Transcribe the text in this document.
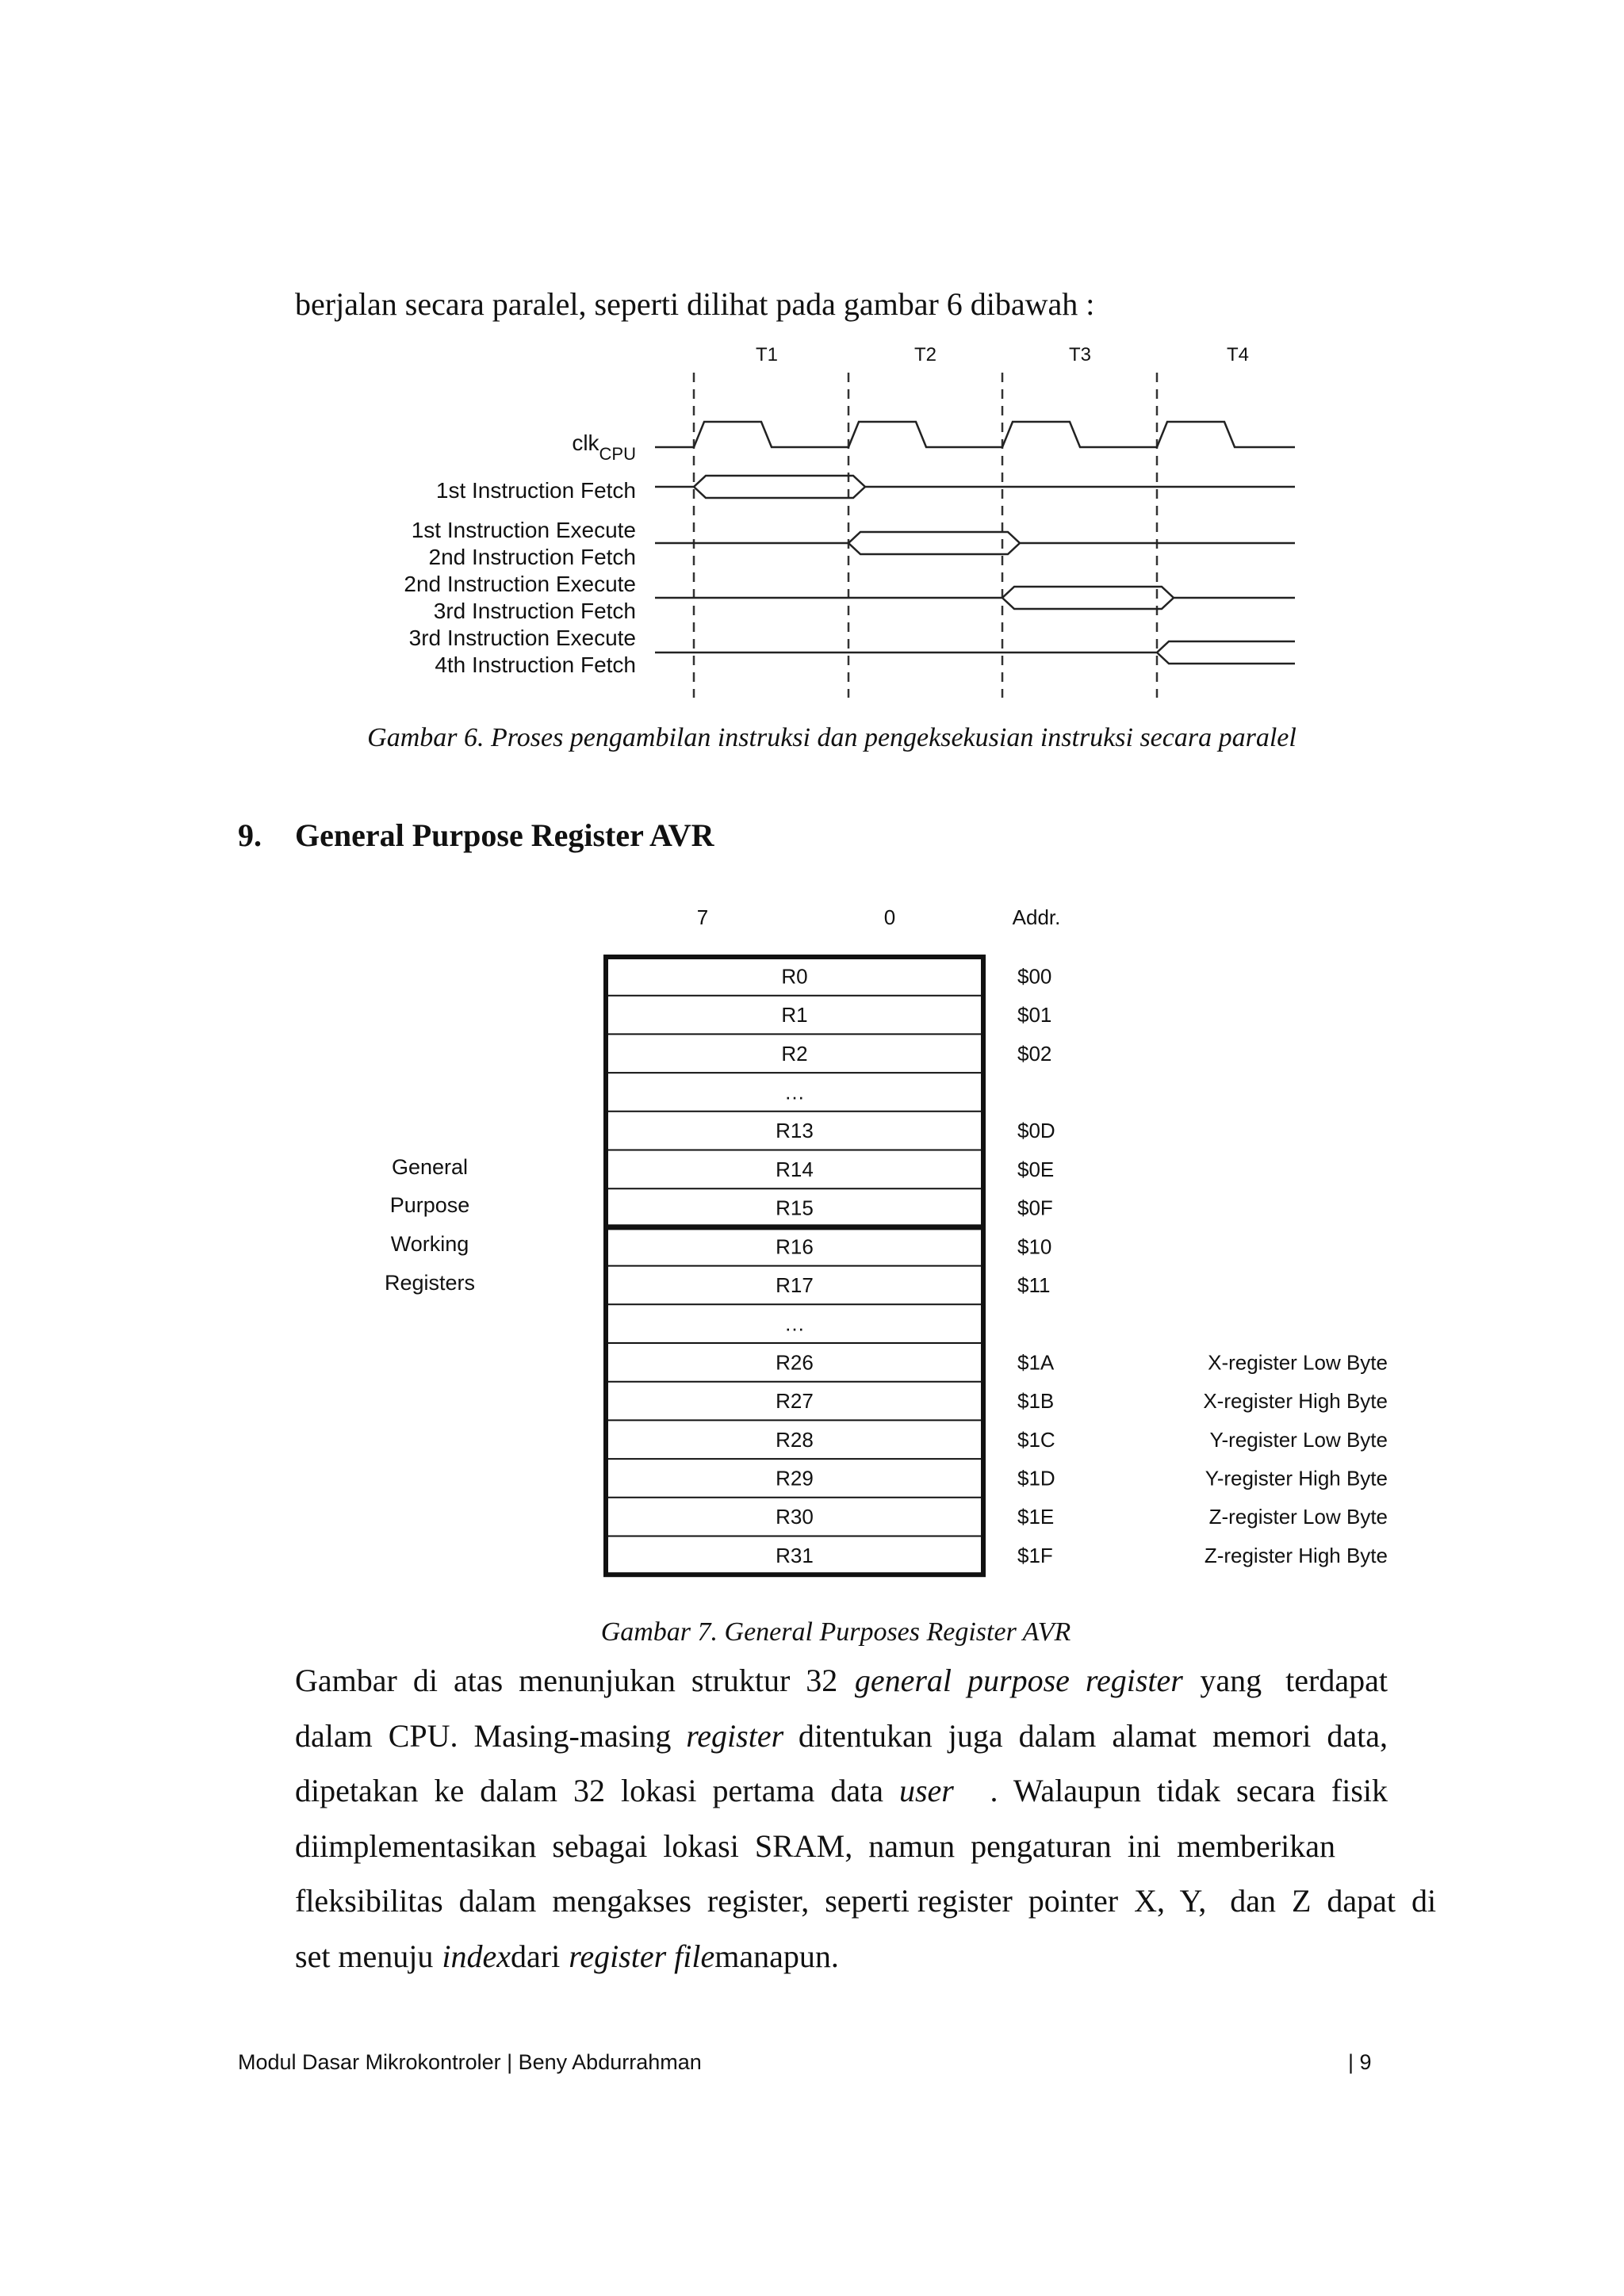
berjalan secara paralel, seperti dilihat pada gambar 6 dibawah :
T1	T2	T3	T4
clk$_{CPU}$
1st Instruction Fetch
1st Instruction Execute
2nd Instruction Fetch
2nd Instruction Execute
3rd Instruction Fetch
3rd Instruction Execute
4th Instruction Fetch
Gambar 6. Proses pengambilan instruksi dan pengeksekusian instruksi secara paralel
9. General Purpose Register AVR
7	0	Addr.
General
Purpose
Working
Registers
R0	$00
R1	$01
R2	$02
…
R13	$0D
R14	$0E
R15	$0F
R16	$10
R17	$11
…
R26	$1A	X-register Low Byte
R27	$1B	X-register High Byte
R28	$1C	Y-register Low Byte
R29	$1D	Y-register High Byte
R30	$1E	Z-register Low Byte
R31	$1F	Z-register High Byte
Gambar 7. General Purposes Register AVR
Gambar  di  atas  menunjukan  struktur  32 general  purpose  register yang   terdapat
dalam  CPU.  Masing-masing register ditentukan  juga  dalam  alamat  memori  data,
dipetakan  ke  dalam  32  lokasi  pertama  data user .  Walaupun  tidak  secara  fisik
diimplementasikan  sebagai  lokasi  SRAM,  namun  pengaturan  ini  memberikan
fleksibilitas  dalam  mengakses  register,  seperti register  pointer  X,  Y,   dan  Z  dapat  di
set menuju index dari register file manapun.
Modul Dasar Mikrokontroler | Beny Abdurrahman	| 9
